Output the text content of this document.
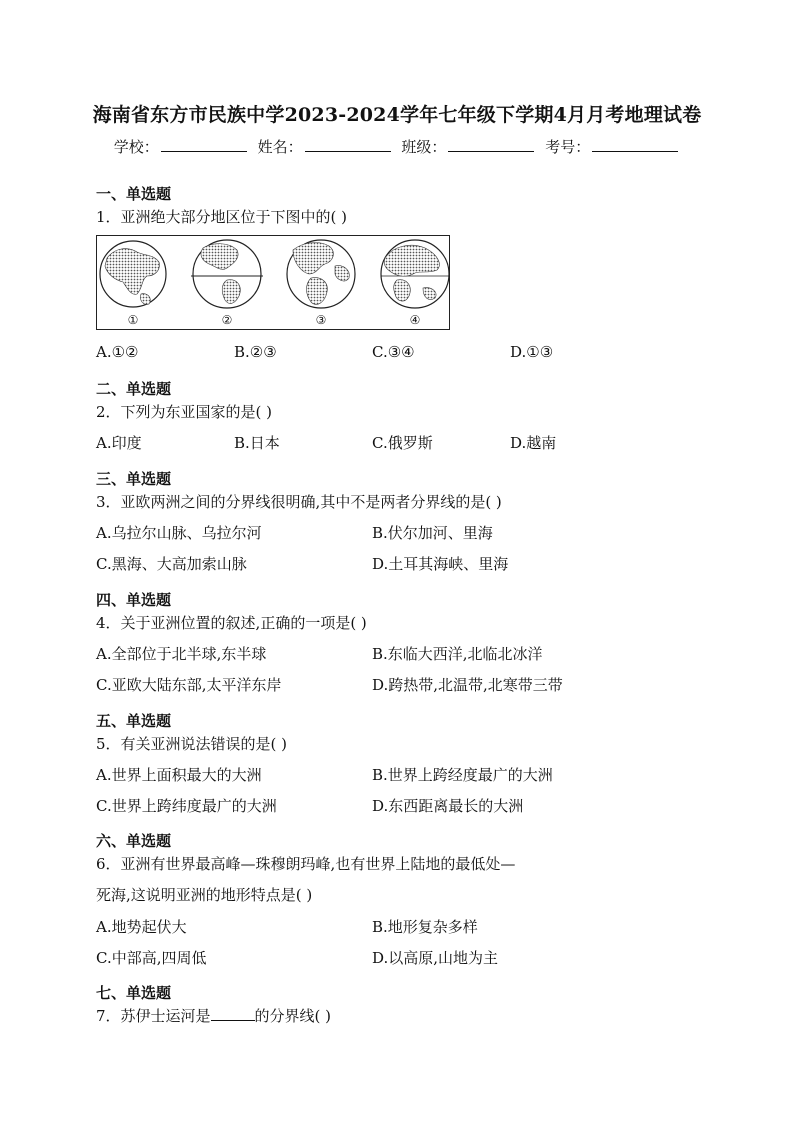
海南省东方市民族中学2023-2024学年七年级下学期4月月考地理试卷
学校：	姓名：	班级：	考号：
一、单选题
1．亚洲绝大部分地区位于下图中的( )
①	②	③	④
A.①②	B.②③	C.③④	D.①③
二、单选题
2．下列为东亚国家的是( )
A.印度	B.日本	C.俄罗斯	D.越南
三、单选题
3．亚欧两洲之间的分界线很明确,其中不是两者分界线的是( )
A.乌拉尔山脉、乌拉尔河	B.伏尔加河、里海
C.黑海、大高加索山脉	D.土耳其海峡、里海
四、单选题
4．关于亚洲位置的叙述,正确的一项是( )
A.全部位于北半球,东半球	B.东临大西洋,北临北冰洋
C.亚欧大陆东部,太平洋东岸	D.跨热带,北温带,北寒带三带
五、单选题
5．有关亚洲说法错误的是( )
A.世界上面积最大的大洲	B.世界上跨经度最广的大洲
C.世界上跨纬度最广的大洲	D.东西距离最长的大洲
六、单选题
6．亚洲有世界最高峰—珠穆朗玛峰,也有世界上陆地的最低处—
死海,这说明亚洲的地形特点是( )
A.地势起伏大	B.地形复杂多样
C.中部高,四周低	D.以高原,山地为主
七、单选题
7．苏伊士运河是	的分界线( )
